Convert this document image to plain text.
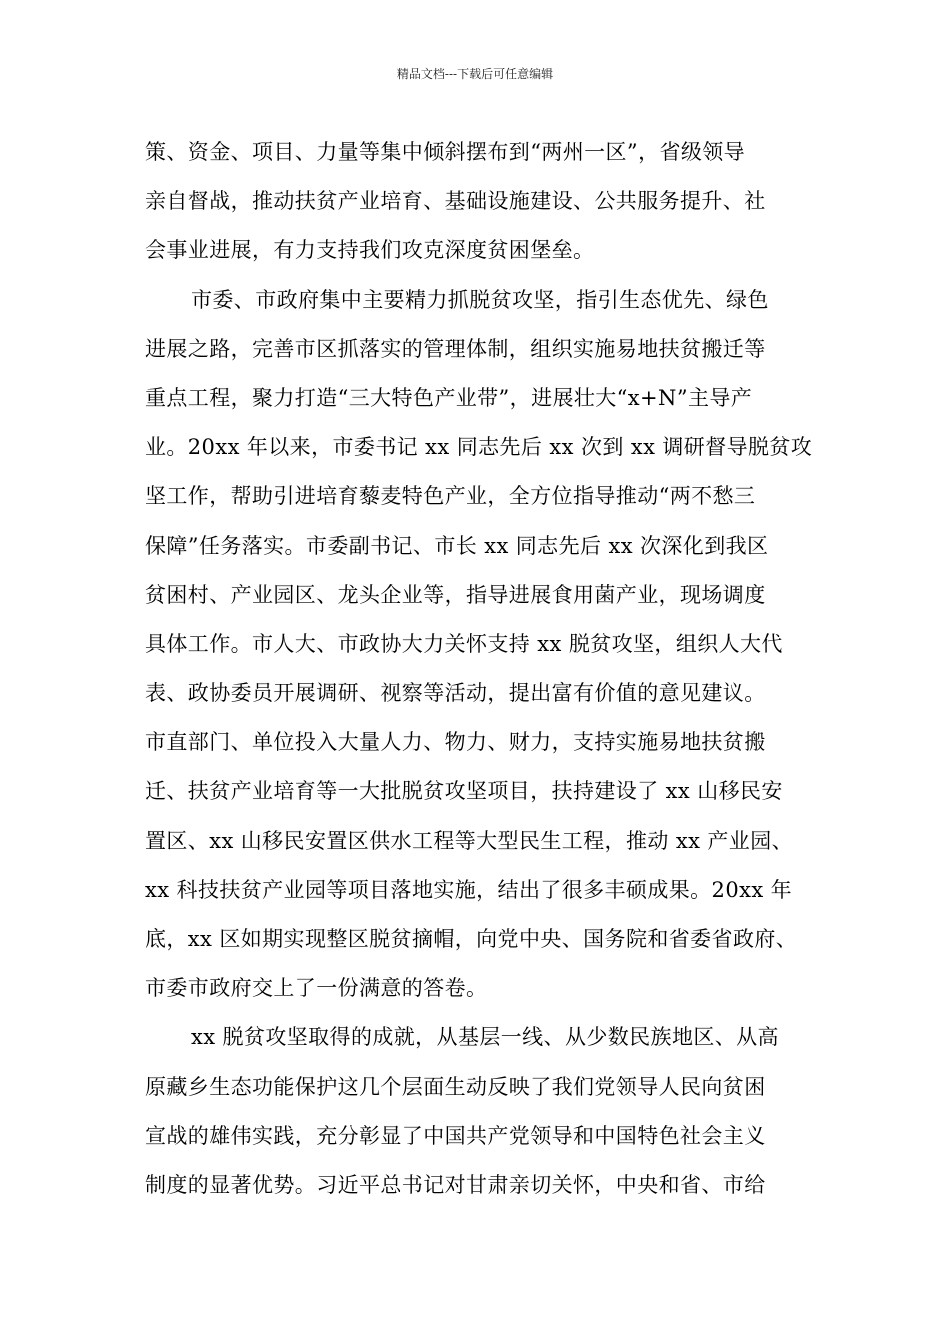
精品文档---下载后可任意编辑
策、资金、项目、力量等集中倾斜摆布到“两州一区”，省级领导
亲自督战，推动扶贫产业培育、基础设施建设、公共服务提升、社
会事业进展，有力支持我们攻克深度贫困堡垒。
市委、市政府集中主要精力抓脱贫攻坚，指引生态优先、绿色
进展之路，完善市区抓落实的管理体制，组织实施易地扶贫搬迁等
重点工程，聚力打造“三大特色产业带”，进展壮大“x+N”主导产
业。20xx 年以来，市委书记 xx 同志先后 xx 次到 xx 调研督导脱贫攻
坚工作，帮助引进培育藜麦特色产业，全方位指导推动“两不愁三
保障”任务落实。市委副书记、市长 xx 同志先后 xx 次深化到我区
贫困村、产业园区、龙头企业等，指导进展食用菌产业，现场调度
具体工作。市人大、市政协大力关怀支持 xx 脱贫攻坚，组织人大代
表、政协委员开展调研、视察等活动，提出富有价值的意见建议。
市直部门、单位投入大量人力、物力、财力，支持实施易地扶贫搬
迁、扶贫产业培育等一大批脱贫攻坚项目，扶持建设了 xx 山移民安
置区、xx 山移民安置区供水工程等大型民生工程，推动 xx 产业园、
xx 科技扶贫产业园等项目落地实施，结出了很多丰硕成果。20xx 年
底，xx 区如期实现整区脱贫摘帽，向党中央、国务院和省委省政府、
市委市政府交上了一份满意的答卷。
xx 脱贫攻坚取得的成就，从基层一线、从少数民族地区、从高
原藏乡生态功能保护这几个层面生动反映了我们党领导人民向贫困
宣战的雄伟实践，充分彰显了中国共产党领导和中国特色社会主义
制度的显著优势。习近平总书记对甘肃亲切关怀，中央和省、市给
